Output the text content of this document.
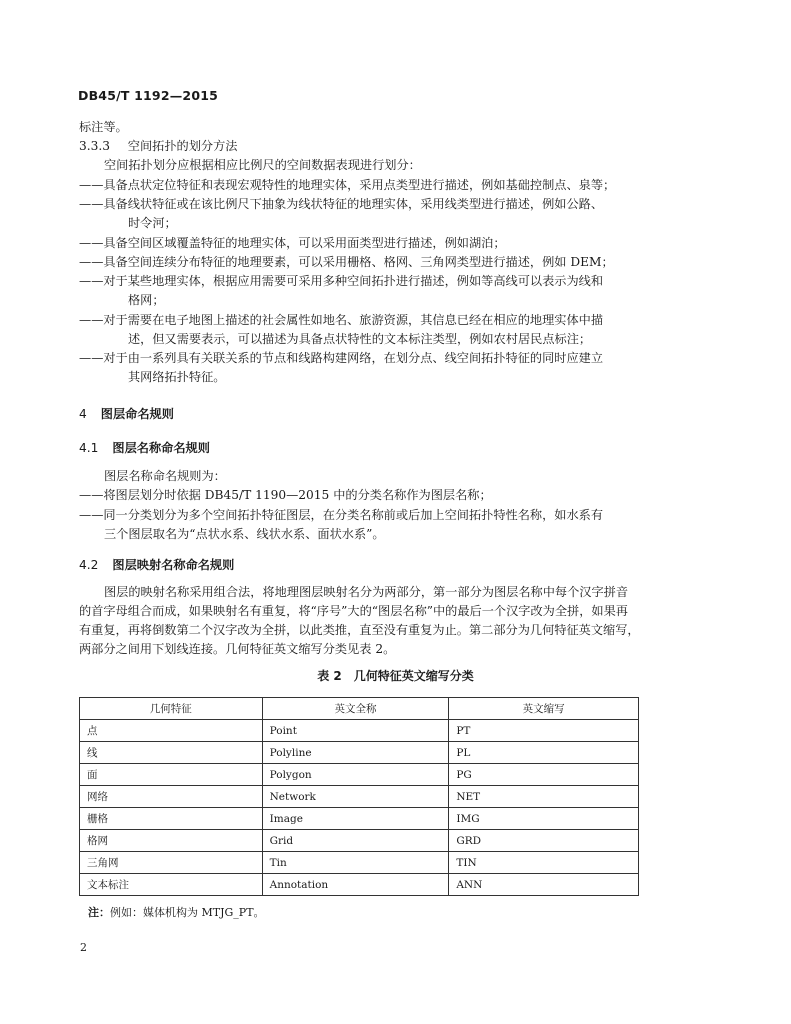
DB45/T 1192—2015
标注等。
3.3.3 空间拓扑的划分方法
空间拓扑划分应根据相应比例尺的空间数据表现进行划分：
——具备点状定位特征和表现宏观特性的地理实体，采用点类型进行描述，例如基础控制点、泉等；
——具备线状特征或在该比例尺下抽象为线状特征的地理实体，采用线类型进行描述，例如公路、
时令河；
——具备空间区域覆盖特征的地理实体，可以采用面类型进行描述，例如湖泊；
——具备空间连续分布特征的地理要素，可以采用栅格、格网、三角网类型进行描述，例如 DEM；
——对于某些地理实体，根据应用需要可采用多种空间拓扑进行描述，例如等高线可以表示为线和
格网；
——对于需要在电子地图上描述的社会属性如地名、旅游资源，其信息已经在相应的地理实体中描
述，但又需要表示，可以描述为具备点状特性的文本标注类型，例如农村居民点标注；
——对于由一系列具有关联关系的节点和线路构建网络，在划分点、线空间拓扑特征的同时应建立
其网络拓扑特征。
4 图层命名规则
4.1 图层名称命名规则
图层名称命名规则为：
——将图层划分时依据 DB45/T 1190—2015 中的分类名称作为图层名称；
——同一分类划分为多个空间拓扑特征图层，在分类名称前或后加上空间拓扑特性名称，如水系有
三个图层取名为“点状水系、线状水系、面状水系”。
4.2 图层映射名称命名规则
图层的映射名称采用组合法，将地理图层映射名分为两部分，第一部分为图层名称中每个汉字拼音
的首字母组合而成，如果映射名有重复，将“序号”大的“图层名称”中的最后一个汉字改为全拼，如果再
有重复，再将倒数第二个汉字改为全拼，以此类推，直至没有重复为止。第二部分为几何特征英文缩写，
两部分之间用下划线连接。几何特征英文缩写分类见表 2。
表 2　几何特征英文缩写分类
几何特征	英文全称	英文缩写
点	Point	PT
线	Polyline	PL
面	Polygon	PG
网络	Network	NET
栅格	Image	IMG
格网	Grid	GRD
三角网	Tin	TIN
文本标注	Annotation	ANN
注：例如：媒体机构为 MTJG_PT。
2
